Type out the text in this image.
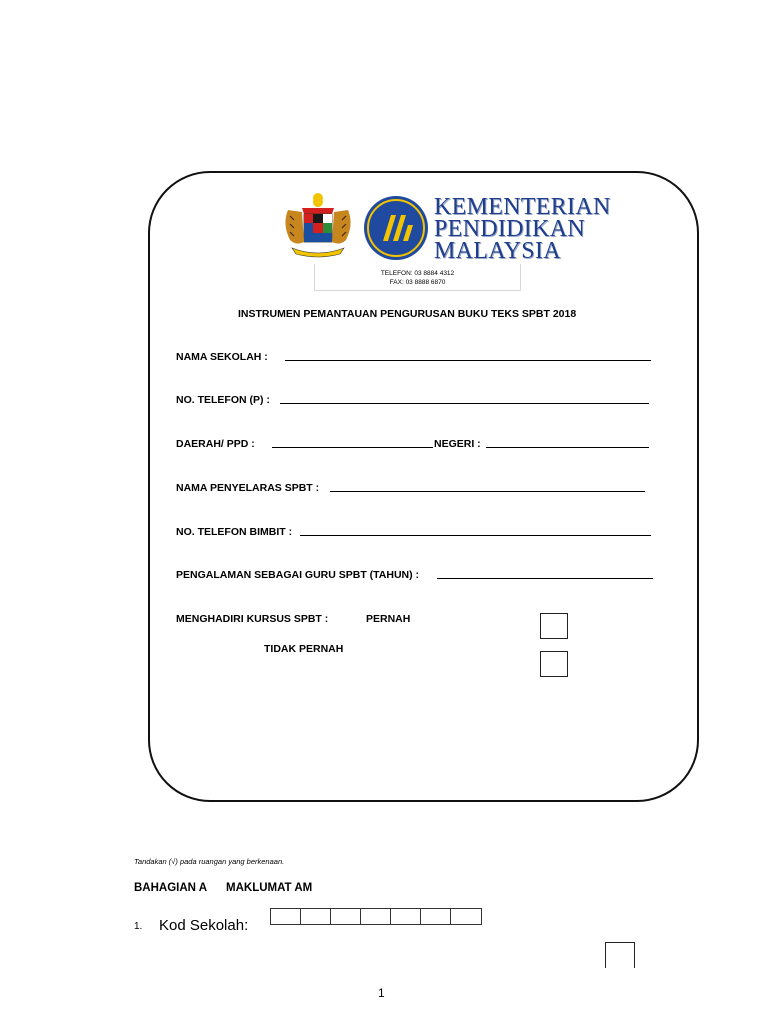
KEMENTERIAN
PENDIDIKAN
MALAYSIA
TELEFON: 03 8884 4312
FAX: 03 8888 6870
INSTRUMEN PEMANTAUAN PENGURUSAN BUKU TEKS SPBT 2018
NAMA SEKOLAH :
NO. TELEFON (P) :
DAERAH/ PPD :	NEGERI :
NAMA PENYELARAS SPBT :
NO. TELEFON BIMBIT :
PENGALAMAN SEBAGAI GURU SPBT (TAHUN) :
MENGHADIRI KURSUS SPBT :	PERNAH
TIDAK PERNAH
Tandakan (√) pada ruangan yang berkenaan.
BAHAGIAN A MAKLUMAT AM
1. Kod Sekolah:
1
